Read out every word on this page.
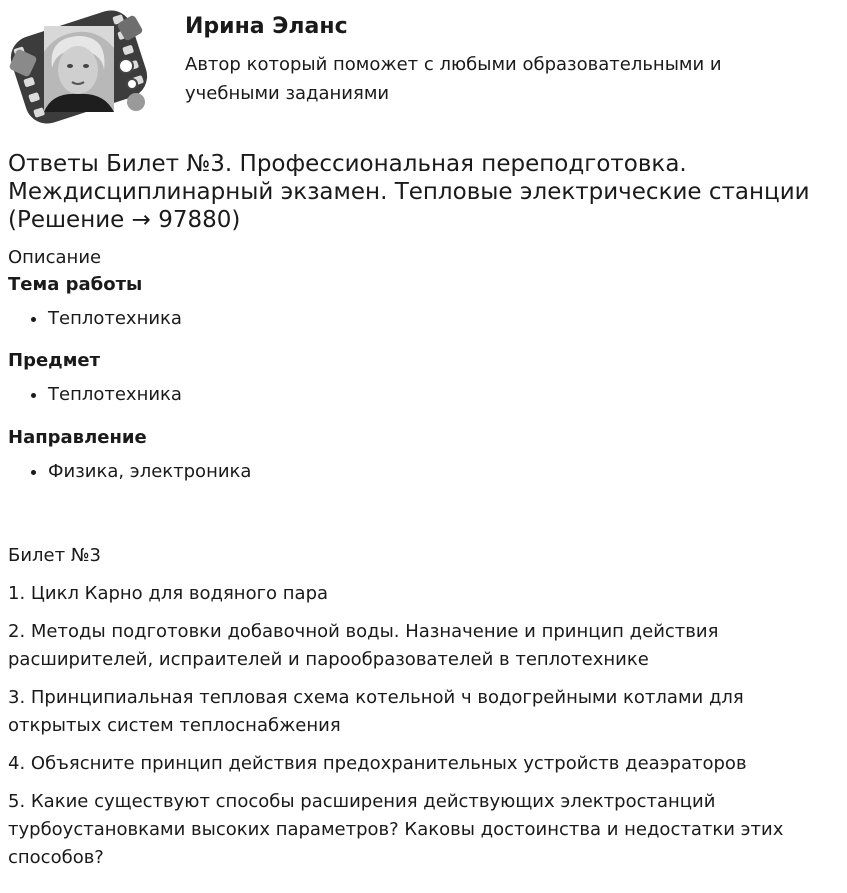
Ирина Эланс

Автор который поможет с любыми образовательными и учебными заданиями

Ответы Билет №3. Профессиональная переподготовка. Междисциплинарный экзамен. Тепловые электрические станции (Решение → 97880)
Описание
Тема работы
• Теплотехника
Предмет
• Теплотехника
Направление
• Физика, электроника

Билет №3

1. Цикл Карно для водяного пара

2. Методы подготовки добавочной воды. Назначение и принцип действия расширителей, испраителей и парообразователей в теплотехнике

3. Принципиальная тепловая схема котельной ч водогрейными котлами для открытых систем теплоснабжения

4. Объясните принцип действия предохранительных устройств деаэраторов

5. Какие существуют способы расширения действующих электростанций турбоустановками высоких параметров? Каковы достоинства и недостатки этих способов?
